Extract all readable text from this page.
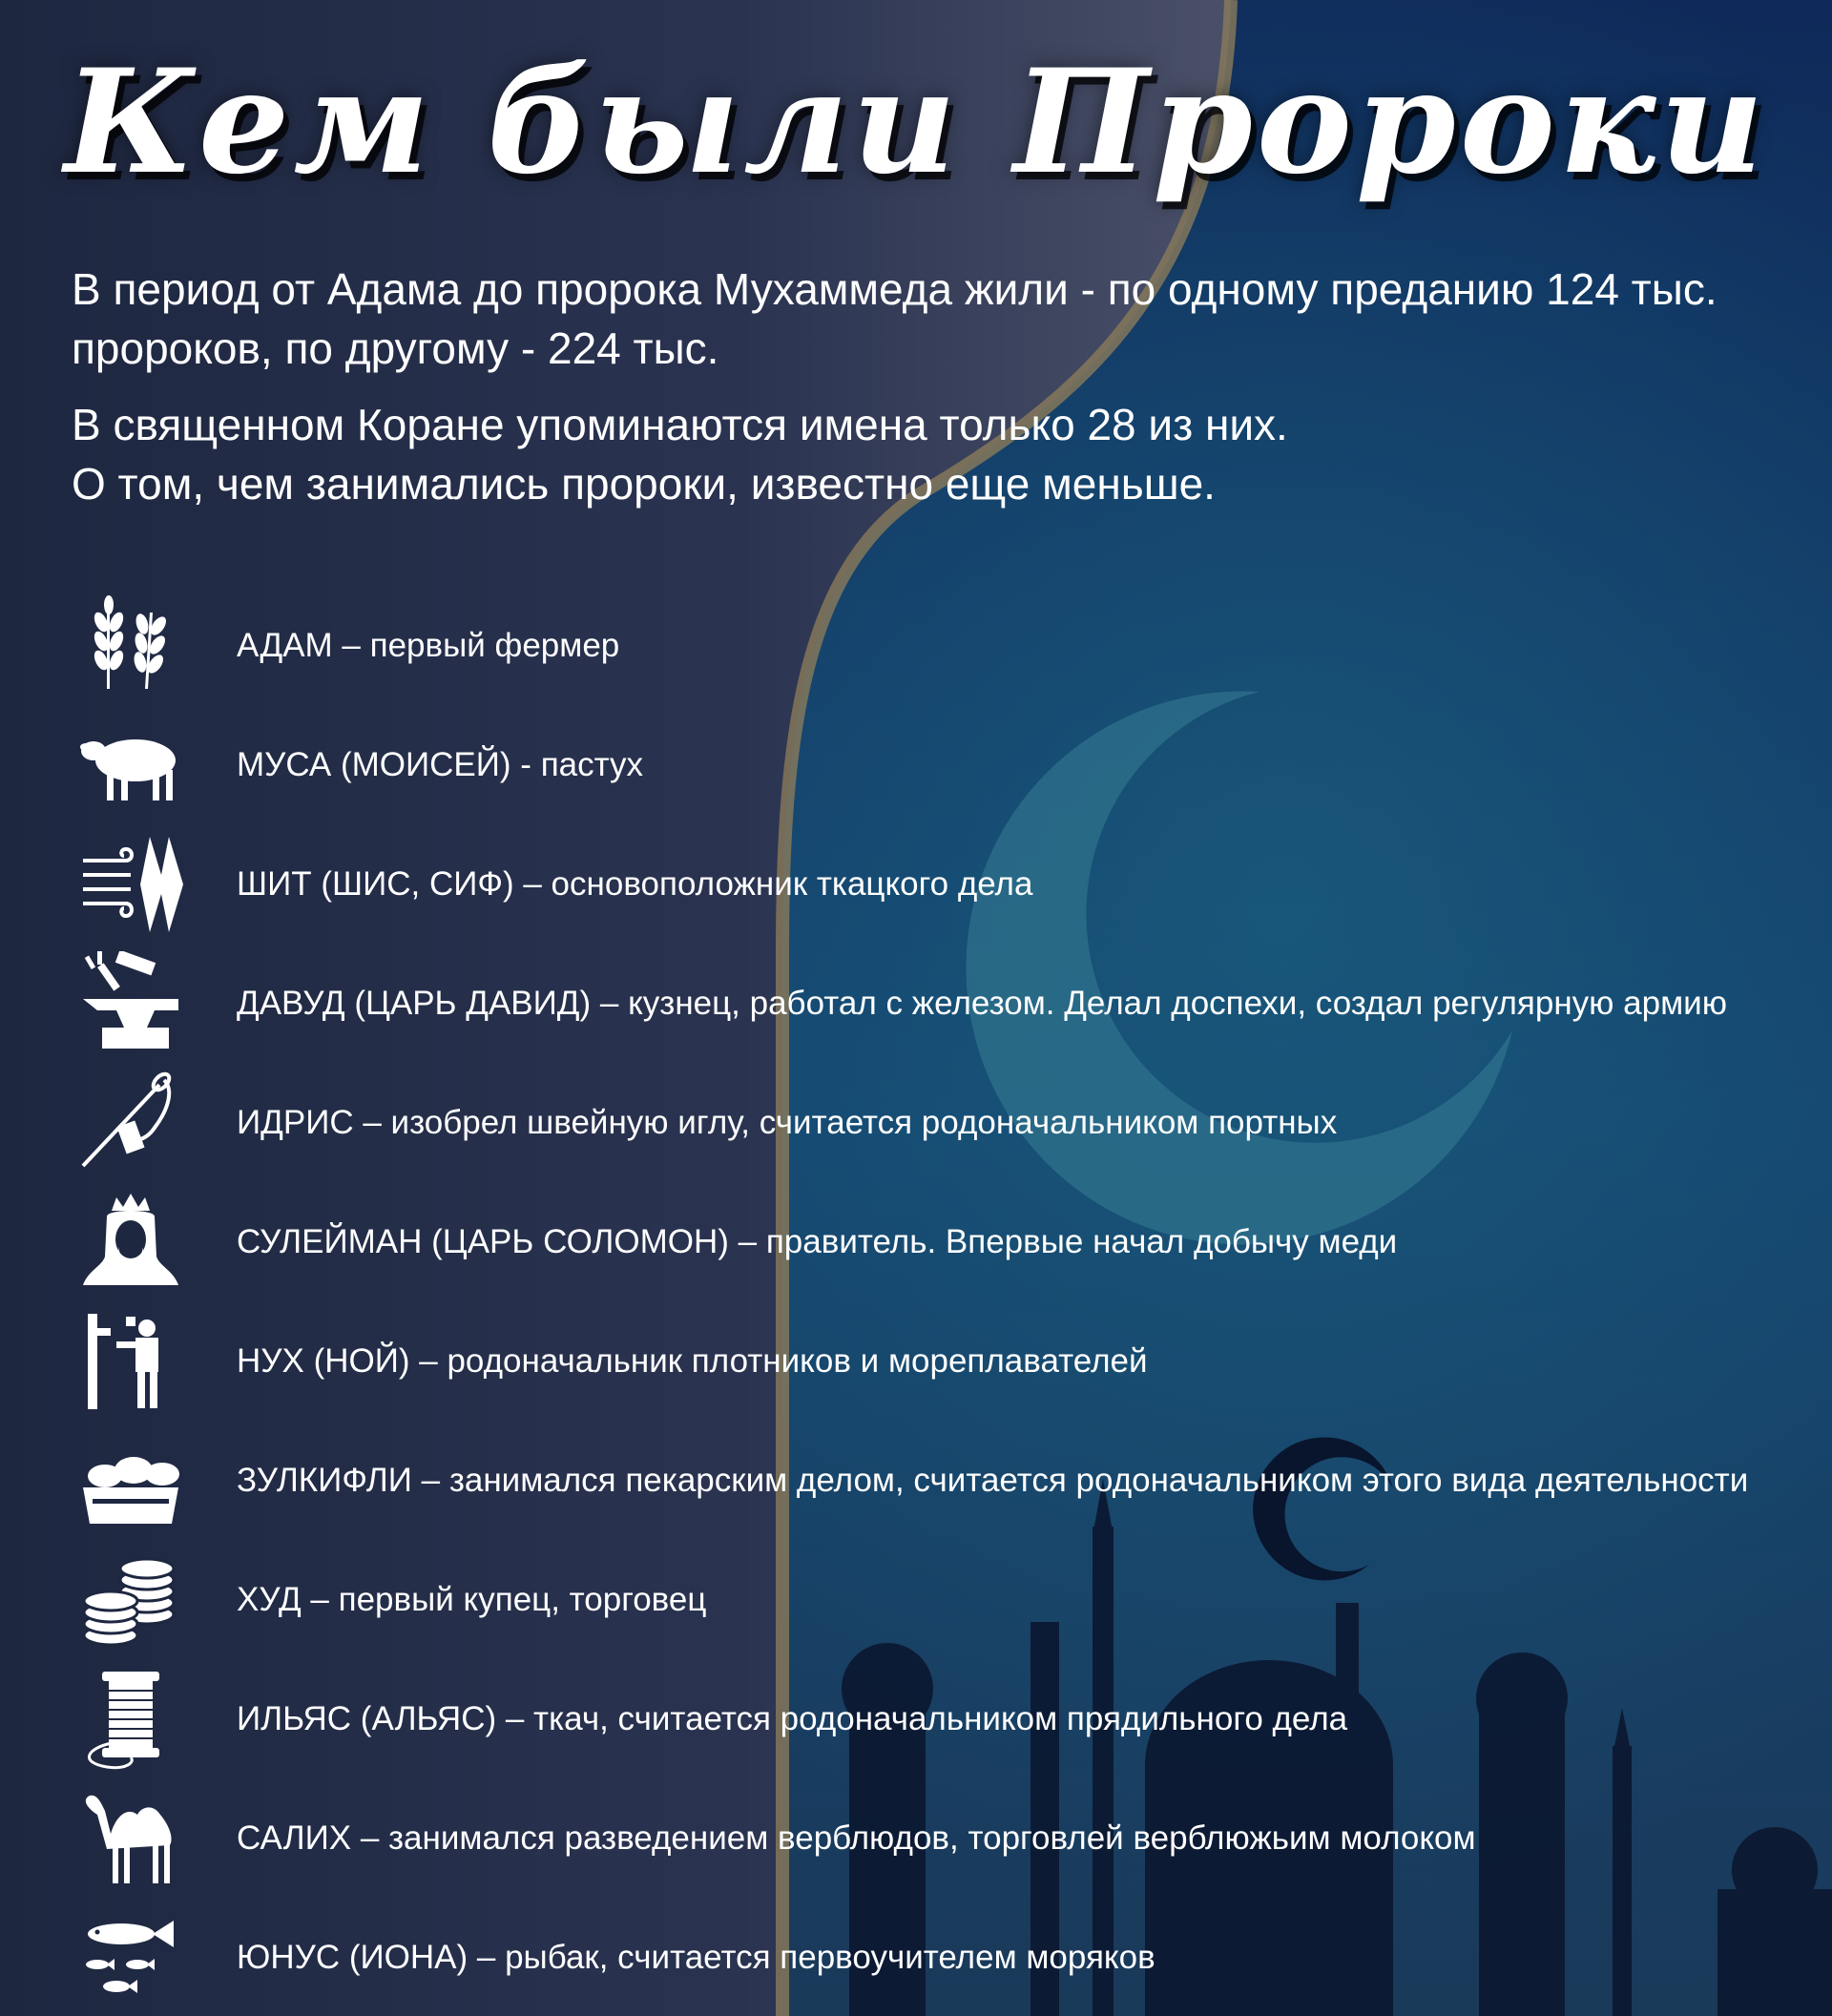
Кем были Пророки

В период от Адама до пророка Мухаммеда жили - по одному преданию 124 тыс.

пророков, по другому - 224 тыс.

В священном Коране упоминаются имена только 28 из них.

О том, чем занимались пророки, известно еще меньше.

АДАМ – первый фермер
МУСА (МОИСЕЙ) - пастух
ШИТ (ШИС, СИФ) – основоположник ткацкого дела
ДАВУД (ЦАРЬ ДАВИД) – кузнец, работал с железом. Делал доспехи, создал регулярную армию
ИДРИС – изобрел швейную иглу, считается родоначальником портных
СУЛЕЙМАН (ЦАРЬ СОЛОМОН) – правитель. Впервые начал добычу меди
НУХ (НОЙ) – родоначальник плотников и мореплавателей
ЗУЛКИФЛИ – занимался пекарским делом, считается родоначальником этого вида деятельности
ХУД – первый купец, торговец
ИЛЬЯС (АЛЬЯС) – ткач, считается родоначальником прядильного дела
САЛИХ – занимался разведением верблюдов, торговлей верблюжьим молоком
ЮНУС (ИОНА) – рыбак, считается первоучителем моряков
